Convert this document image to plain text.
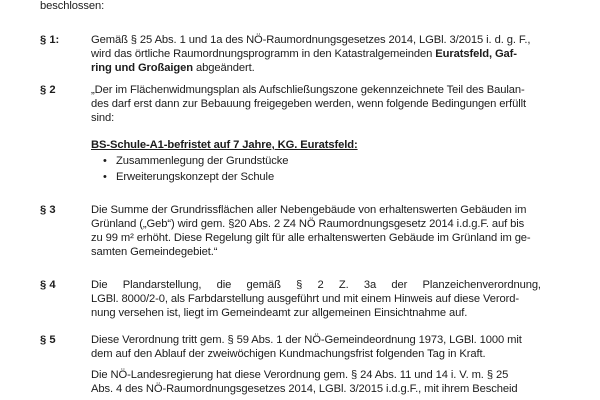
beschlossen:
§ 1:	Gemäß § 25 Abs. 1 und 1a des NÖ-Raumordnungsgesetzes 2014, LGBl. 3/2015 i. d. g. F.,
wird das örtliche Raumordnungsprogramm in den Katastralgemeinden Euratsfeld, Gaf-
ring und Großaigen abgeändert.
§ 2	„Der im Flächenwidmungsplan als Aufschließungszone gekennzeichnete Teil des Baulan-
des darf erst dann zur Bebauung freigegeben werden, wenn folgende Bedingungen erfüllt
sind:
BS-Schule-A1-befristet auf 7 Jahre, KG. Euratsfeld:
• Zusammenlegung der Grundstücke
• Erweiterungskonzept der Schule
§ 3	Die Summe der Grundrissflächen aller Nebengebäude von erhaltenswerten Gebäuden im
Grünland („Geb“) wird gem. §20 Abs. 2 Z4 NÖ Raumordnungsgesetz 2014 i.d.g.F. auf bis
zu 99 m² erhöht. Diese Regelung gilt für alle erhaltenswerten Gebäude im Grünland im ge-
samten Gemeindegebiet.“
§ 4	Die Plandarstellung, die gemäß § 2 Z. 3a der Planzeichenverordnung,
LGBl. 8000/2-0, als Farbdarstellung ausgeführt und mit einem Hinweis auf diese Verord-
nung versehen ist, liegt im Gemeindeamt zur allgemeinen Einsichtnahme auf.
§ 5	Diese Verordnung tritt gem. § 59 Abs. 1 der NÖ-Gemeindeordnung 1973, LGBl. 1000 mit
dem auf den Ablauf der zweiwöchigen Kundmachungsfrist folgenden Tag in Kraft.
Die NÖ-Landesregierung hat diese Verordnung gem. § 24 Abs. 11 und 14 i. V. m. § 25
Abs. 4 des NÖ-Raumordnungsgesetzes 2014, LGBl. 3/2015 i.d.g.F., mit ihrem Bescheid
